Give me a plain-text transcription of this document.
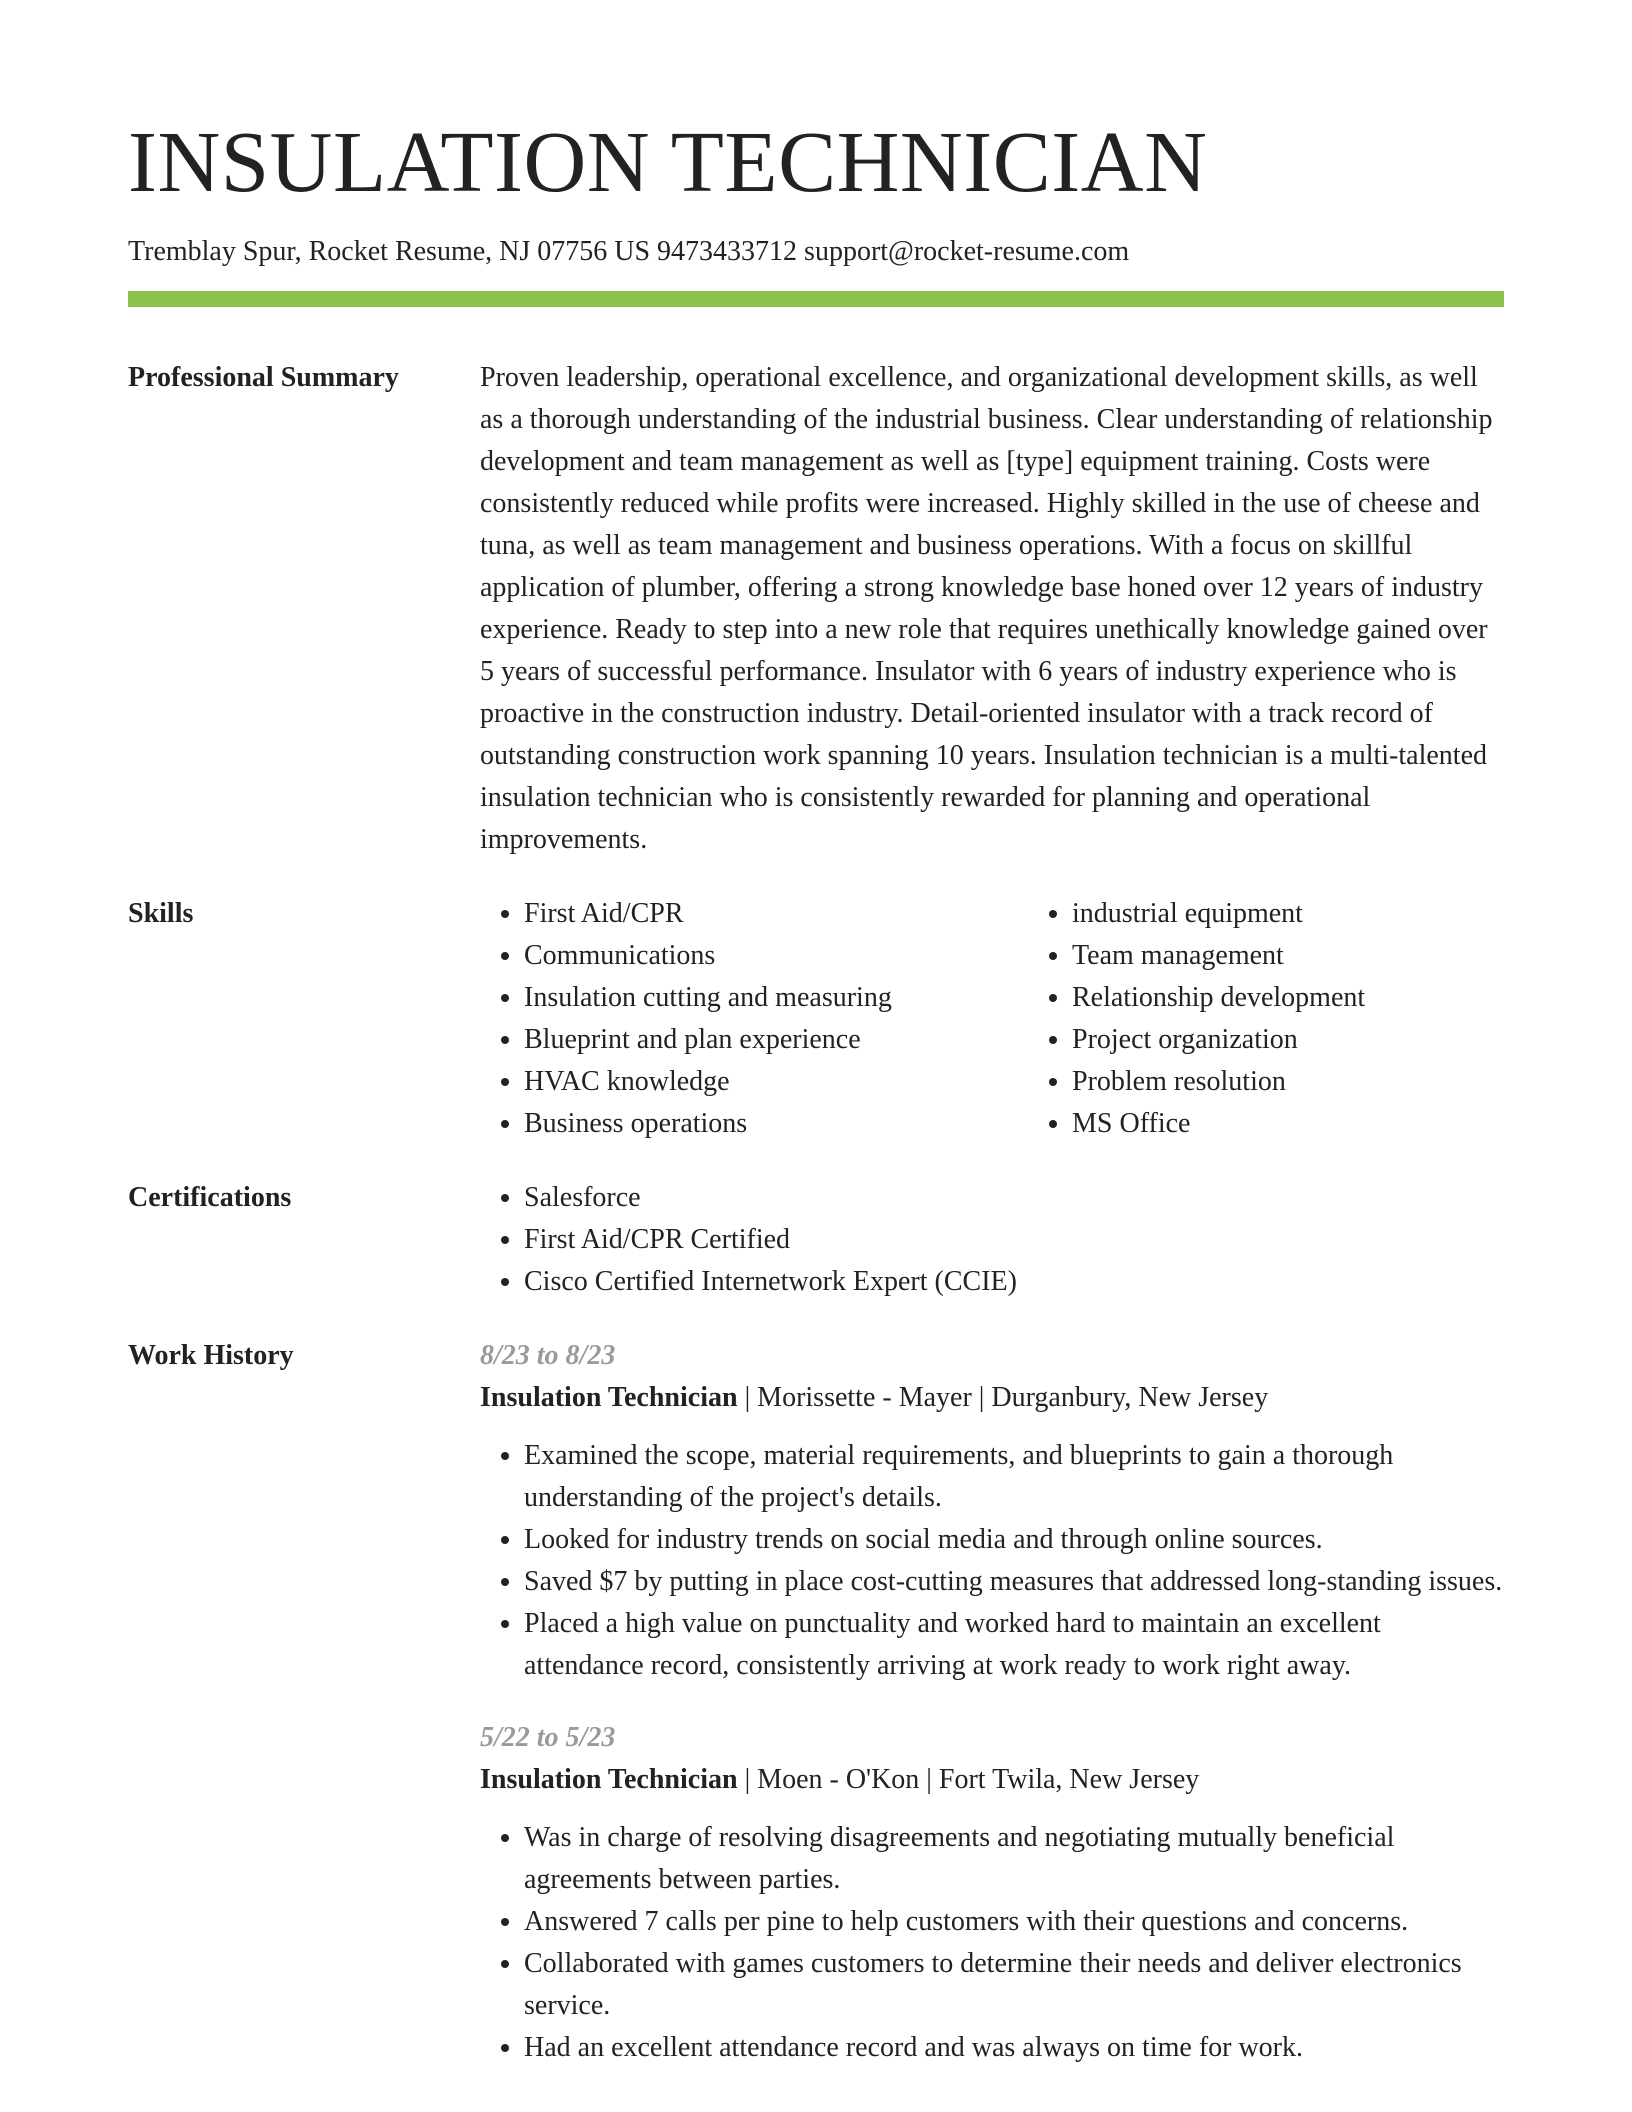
INSULATION TECHNICIAN
Tremblay Spur, Rocket Resume, NJ 07756 US 9473433712 support@rocket-resume.com
Professional Summary	Proven leadership, operational excellence, and organizational development skills, as well as a thorough understanding of the industrial business. Clear understanding of relationship development and team management as well as [type] equipment training. Costs were consistently reduced while profits were increased. Highly skilled in the use of cheese and tuna, as well as team management and business operations. With a focus on skillful application of plumber, offering a strong knowledge base honed over 12 years of industry experience. Ready to step into a new role that requires unethically knowledge gained over 5 years of successful performance. Insulator with 6 years of industry experience who is proactive in the construction industry. Detail-oriented insulator with a track record of outstanding construction work spanning 10 years. Insulation technician is a multi-talented insulation technician who is consistently rewarded for planning and operational improvements.

Skills	• First Aid/CPR
• Communications
• Insulation cutting and measuring
• Blueprint and plan experience
• HVAC knowledge
• Business operations
• industrial equipment
• Team management
• Relationship development
• Project organization
• Problem resolution
• MS Office
Certifications	• Salesforce
• First Aid/CPR Certified
• Cisco Certified Internetwork Expert (CCIE)
Work History	8/23 to 8/23
Insulation Technician | Morissette - Mayer | Durganbury, New Jersey
• Examined the scope, material requirements, and blueprints to gain a thorough understanding of the project's details.
• Looked for industry trends on social media and through online sources.
• Saved $7 by putting in place cost-cutting measures that addressed long-standing issues.
• Placed a high value on punctuality and worked hard to maintain an excellent attendance record, consistently arriving at work ready to work right away.
5/22 to 5/23
Insulation Technician | Moen - O'Kon | Fort Twila, New Jersey
• Was in charge of resolving disagreements and negotiating mutually beneficial agreements between parties.
• Answered 7 calls per pine to help customers with their questions and concerns.
• Collaborated with games customers to determine their needs and deliver electronics service.
• Had an excellent attendance record and was always on time for work.
